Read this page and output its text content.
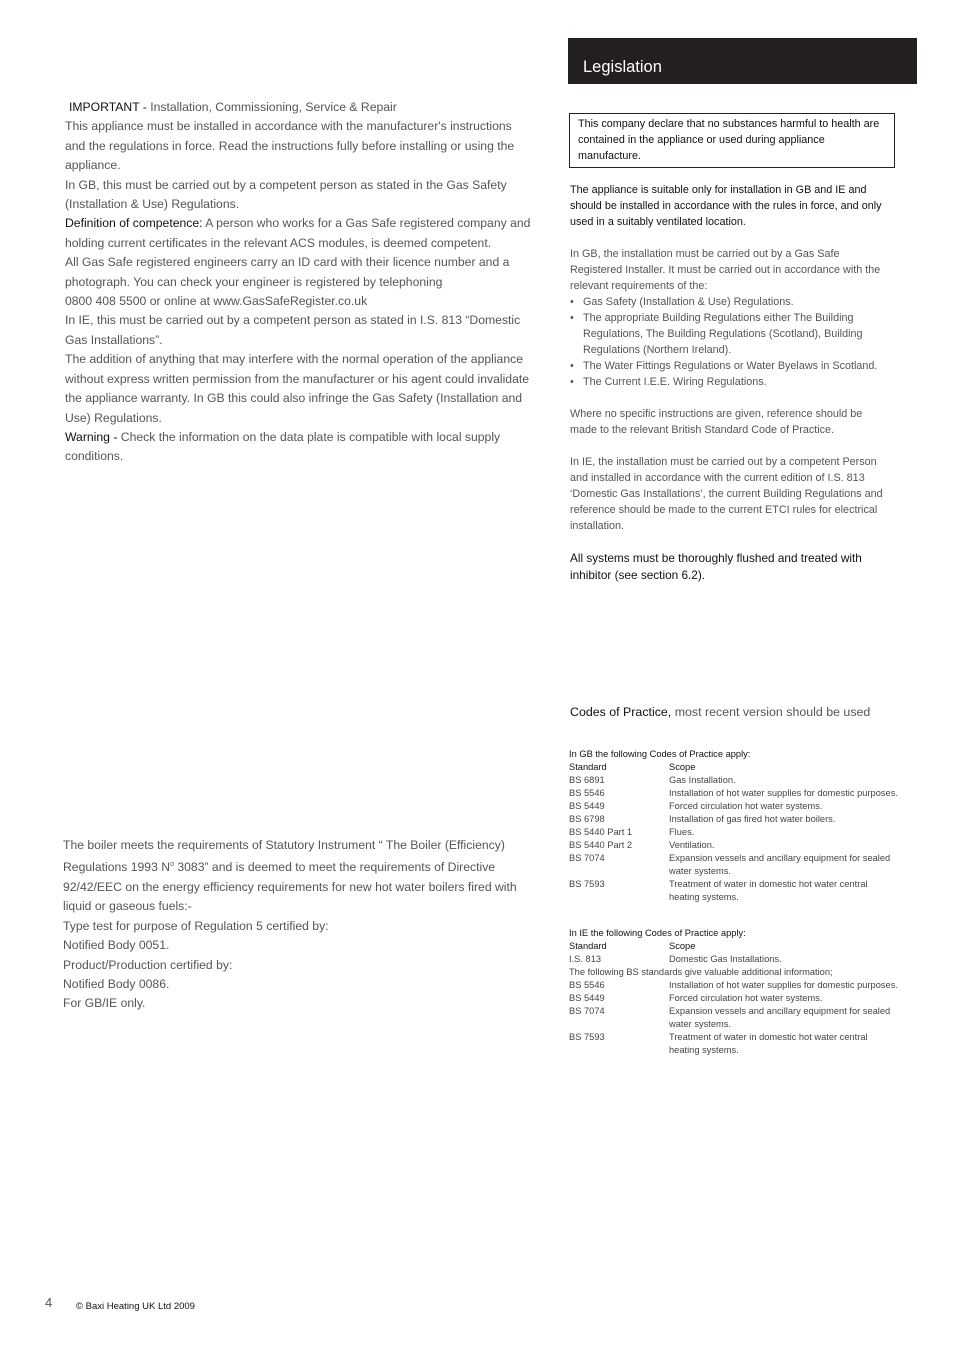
IMPORTANT - Installation, Commissioning, Service & Repair

This appliance must be installed in accordance with the manufacturer's instructions and the regulations in force. Read the instructions fully before installing or using the appliance.

In GB, this must be carried out by a competent person as stated in the Gas Safety (Installation & Use) Regulations.

Definition of competence: A person who works for a Gas Safe registered company and holding current certificates in the relevant ACS modules, is deemed competent.

All Gas Safe registered engineers carry an ID card with their licence number and a photograph. You can check your engineer is registered by telephoning
0800 408 5500 or online at www.GasSafeRegister.co.uk

In IE, this must be carried out by a competent person as stated in I.S. 813 “Domestic Gas Installations”.

The addition of anything that may interfere with the normal operation of the appliance without express written permission from the manufacturer or his agent could invalidate the appliance warranty. In GB this could also infringe the Gas Safety (Installation and Use) Regulations.

Warning - Check the information on the data plate is compatible with local supply conditions.

The boiler meets the requirements of Statutory Instrument “ The Boiler (Efficiency) Regulations 1993 $N^o$ 3083” and is deemed to meet the requirements of Directive 92/42/EEC on the energy efficiency requirements for new hot water boilers fired with liquid or gaseous fuels:-

Type test for purpose of Regulation 5 certified by:
Notified Body 0051.

Product/Production certified by:
Notified Body 0086.

For GB/IE only.

Legislation
This company declare that no substances harmful to health are contained in the appliance or used during appliance manufacture.

The appliance is suitable only for installation in GB and IE and should be installed in accordance with the rules in force, and only used in a suitably ventilated location.

In GB, the installation must be carried out by a Gas Safe Registered Installer. It must be carried out in accordance with the relevant requirements of the:

• Gas Safety (Installation & Use) Regulations.
• The appropriate Building Regulations either The Building Regulations, The Building Regulations (Scotland), Building Regulations (Northern Ireland).
• The Water Fittings Regulations or Water Byelaws in Scotland.
• The Current I.E.E. Wiring Regulations.

Where no specific instructions are given, reference should be made to the relevant British Standard Code of Practice.

In IE, the installation must be carried out by a competent Person and installed in accordance with the current edition of I.S. 813 ‘Domestic Gas Installations’, the current Building Regulations and reference should be made to the current ETCI rules for electrical installation.

All systems must be thoroughly flushed and treated with inhibitor (see section 6.2).

Codes of Practice, most recent version should be used
In GB the following Codes of Practice apply:
Standard	Scope
BS 6891	Gas Installation.
BS 5546	Installation of hot water supplies for domestic purposes.
BS 5449	Forced circulation hot water systems.
BS 6798	Installation of gas fired hot water boilers.
BS 5440 Part 1	Flues.
BS 5440 Part 2	Ventilation.
BS 7074	Expansion vessels and ancillary equipment for sealed water systems.
BS 7593	Treatment of water in domestic hot water central heating systems.
In IE the following Codes of Practice apply:
Standard	Scope
I.S. 813	Domestic Gas Installations.
The following BS standards give valuable additional information;
BS 5546	Installation of hot water supplies for domestic purposes.
BS 5449	Forced circulation hot water systems.
BS 7074	Expansion vessels and ancillary equipment for sealed water systems.
BS 7593	Treatment of water in domestic hot water central heating systems.
4	© Baxi Heating UK Ltd 2009
